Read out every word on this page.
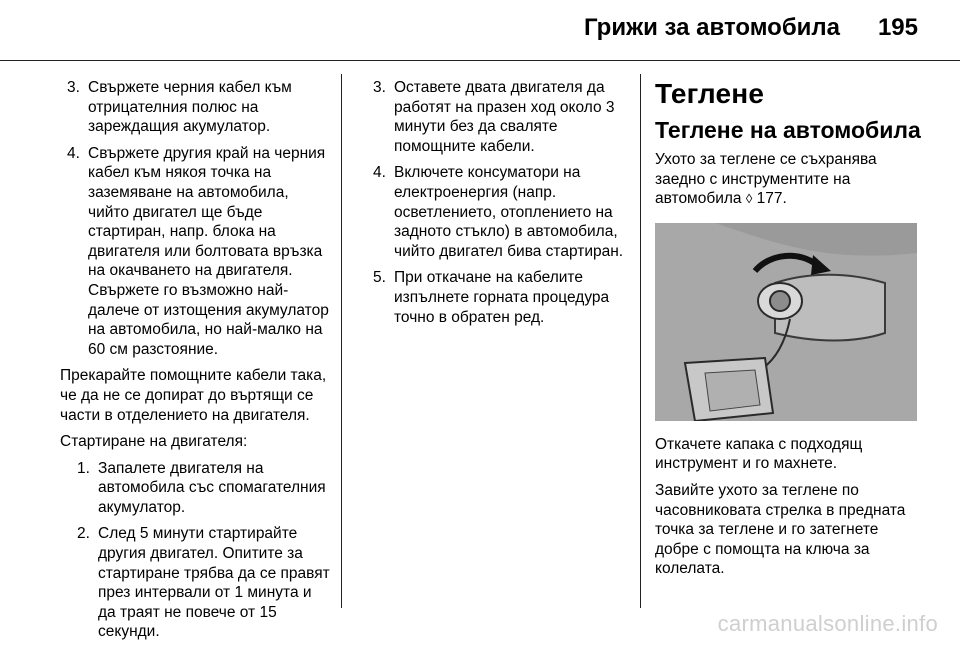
Грижи за автомобила 195
3. Свържете черния кабел към отрицателния полюс на зареждащия акумулатор.
4. Свържете другия край на черния кабел към някоя точка на заземяване на автомобила, чийто двигател ще бъде стартиран, напр. блока на двигателя или болтовата връзка на окачването на двигателя. Свържете го възможно най-далече от изтощения акумулатор на автомобила, но най-малко на 60 см разстояние.

Прекарайте помощните кабели така, че да не се допират до въртящи се части в отделението на двигателя.

Стартиране на двигателя:

1. Запалете двигателя на автомобила със спомагателния акумулатор.
2. След 5 минути стартирайте другия двигател. Опитите за стартиране трябва да се правят през интервали от 1 минута и да траят не повече от 15 секунди.
3. Оставете двата двигателя да работят на празен ход около 3 минути без да сваляте помощните кабели.
4. Включете консуматори на електроенергия (напр. осветлението, отоплението на задното стъкло) в автомобила, чийто двигател бива стартиран.
5. При откачане на кабелите изпълнете горната процедура точно в обратен ред.
Теглене
Теглене на автомобила

Ухото за теглене се съхранява заедно с инструментите на автомобила ◊ 177.

Откачете капака с подходящ инструмент и го махнете.

Завийте ухото за теглене по часовниковата стрелка в предната точка за теглене и го затегнете добре с помощта на ключа за колелата.

carmanualsonline.info
